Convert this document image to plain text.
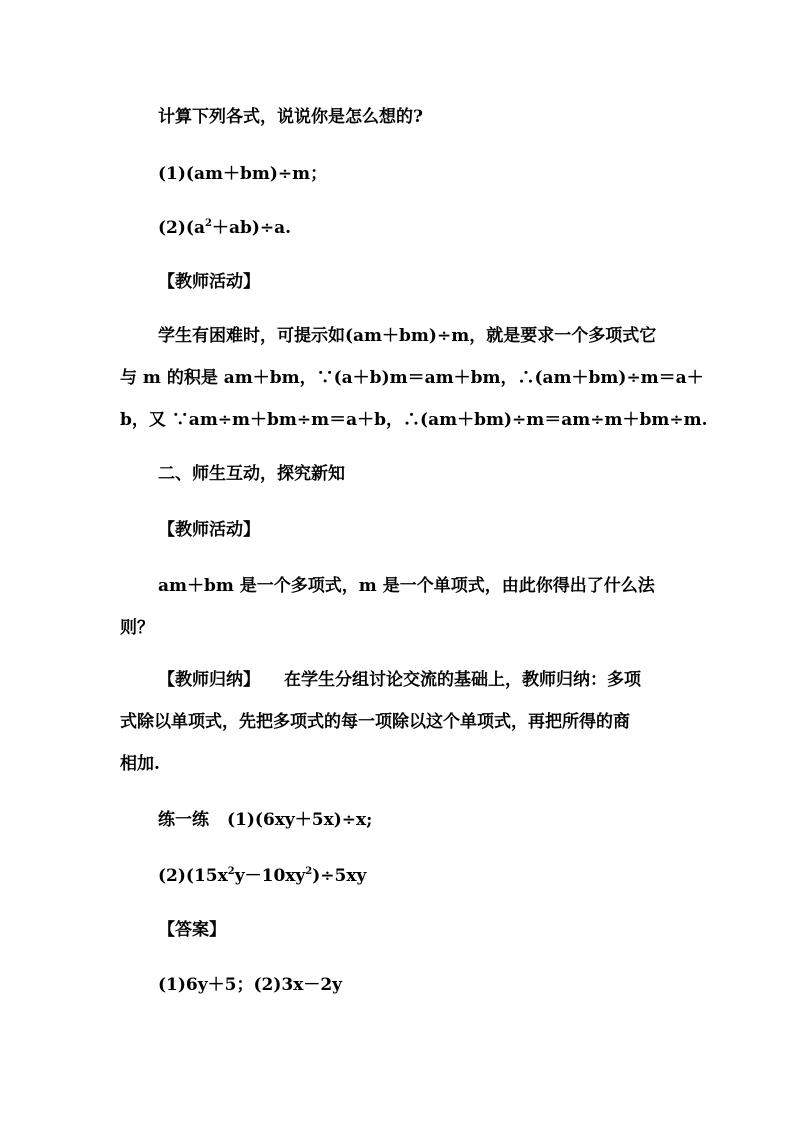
计算下列各式，说说你是怎么想的?
(1)(am＋bm)÷m；
$(2)(a^2+ab)\div a$.
【教师活动】
学生有困难时，可提示如(am＋bm)÷m，就是要求一个多项式它
与 m 的积是 am＋bm，∵(a＋b)m＝am＋bm，∴(am＋bm)÷m＝a＋
b，又 ∵am÷m＋bm÷m＝a＋b，∴(am＋bm)÷m＝am÷m＋bm÷m.
二、师生互动，探究新知
【教师活动】
am＋bm 是一个多项式，m 是一个单项式，由此你得出了什么法
则？
【教师归纳】 在学生分组讨论交流的基础上，教师归纳：多项
式除以单项式，先把多项式的每一项除以这个单项式，再把所得的商
相加.
练一练 (1)(6xy＋5x)÷x;
$(2)(15x^2y-10xy^2)\div 5xy$
【答案】
(1)6y＋5；(2)3x－2y
